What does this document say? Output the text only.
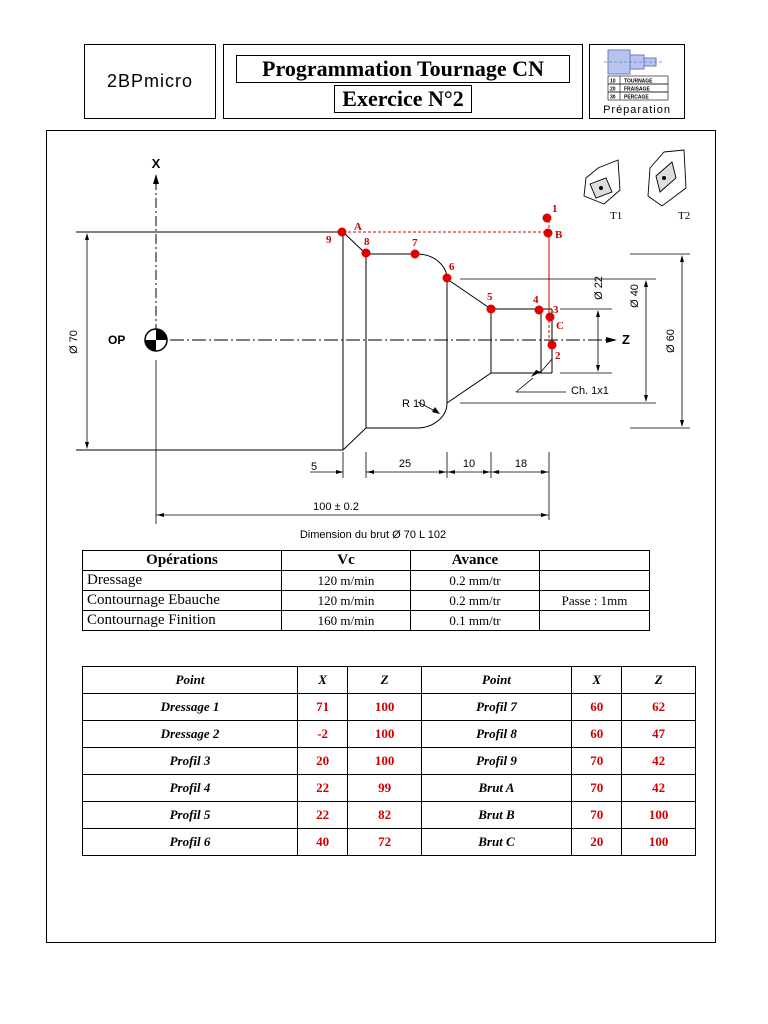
2BPmicro	Programmation Tournage CN
Exercice N°2
10 TOURNAGE
20 FRAISAGE
30 PERCAGE
Préparation
X
Z
OP
Ø 70	Ø 60
Ø 40
Ø 22
R 10
Ch. 1x1
5	25	10	18
100 ± 0.2
Dimension du brut Ø 70 L 102
T1	T2
1
B
9
A
8	7
6
5	4
3
C
2
Opérations	Vc	Avance	
Dressage	120 m/min	0.2 mm/tr	
Contournage Ebauche	120 m/min	0.2 mm/tr	Passe : 1mm
Contournage Finition	160 m/min	0.1 mm/tr	
Point	X	Z	Point	X	Z
Dressage 1	71	100	Profil 7	60	62
Dressage 2	-2	100	Profil 8	60	47
Profil 3	20	100	Profil 9	70	42
Profil 4	22	99	Brut A	70	42
Profil 5	22	82	Brut B	70	100
Profil 6	40	72	Brut C	20	100
